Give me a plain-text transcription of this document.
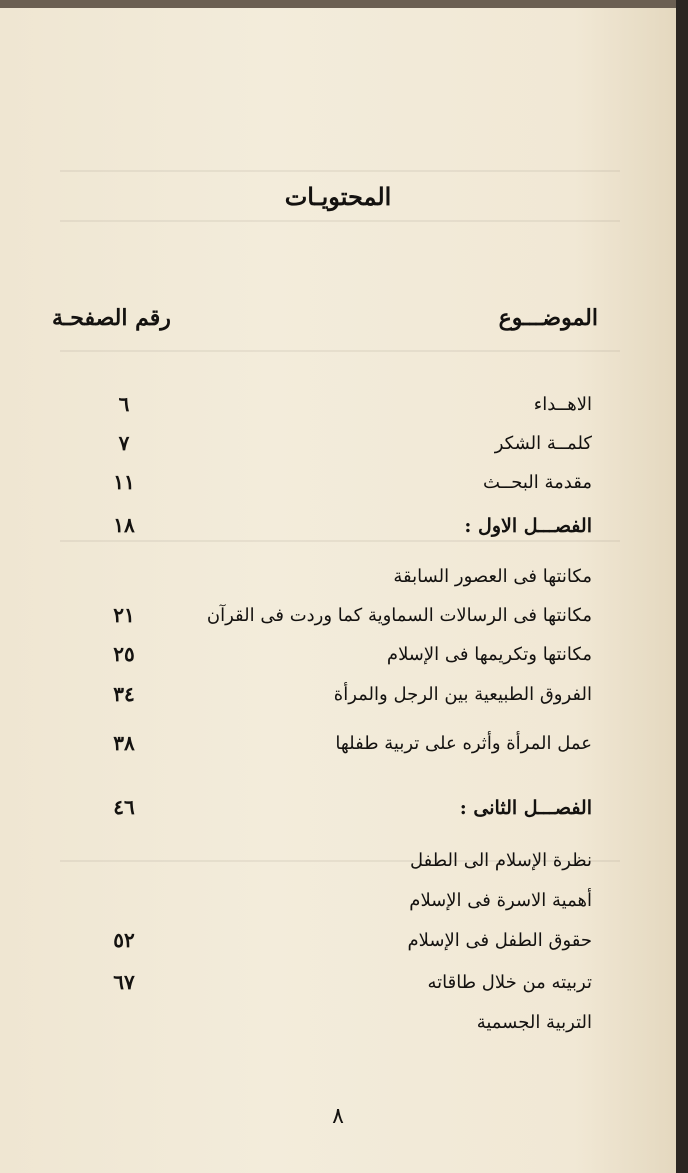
المحتويـات
الموضـــوع
رقم الصفحـة
الاهــداء
٦
كلمــة الشكر
٧
مقدمة البحــث
١١
الفصـــل الاول :
١٨
مكانتها فى العصور السابقة
مكانتها فى الرسالات السماوية كما وردت فى القرآن
٢١
مكانتها وتكريمها فى الإسلام
٢٥
الفروق الطبيعية بين الرجل والمرأة
٣٤
عمل المرأة وأثره على تربية طفلها
٣٨
الفصـــل الثانى :
٤٦
نظرة الإسلام الى الطفل
أهمية الاسرة فى الإسلام
حقوق الطفل فى الإسلام
٥٢
تربيته من خلال طاقاته
٦٧
التربية الجسمية
٨
